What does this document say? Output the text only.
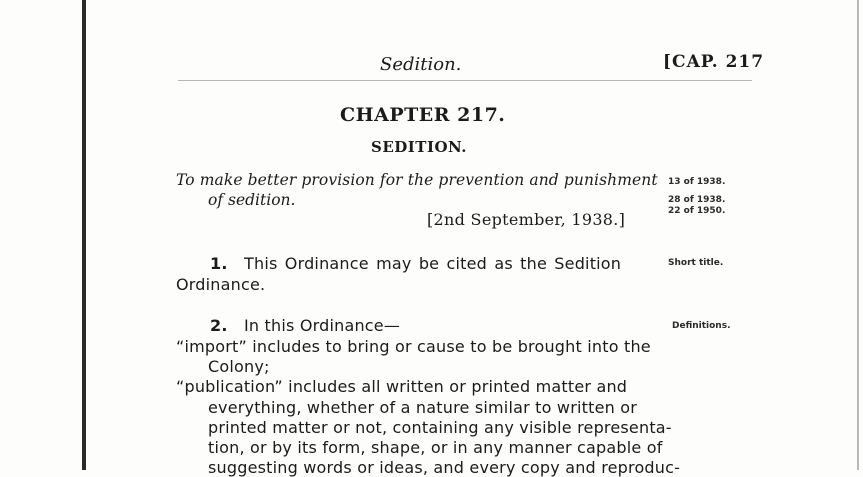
Sedition.	[CAP. 217
CHAPTER 217.
SEDITION.
To make better provision for the prevention and punishment
of sedition.
[2nd September, 1938.]
13 of 1938.
28 of 1938.
22 of 1950.
Short title.
Definitions.
1. This Ordinance may be cited as the Sedition
Ordinance.
2. In this Ordinance—
“import” includes to bring or cause to be brought into the
Colony;
“publication” includes all written or printed matter and
everything, whether of a nature similar to written or
printed matter or not, containing any visible representa-
tion, or by its form, shape, or in any manner capable of
suggesting words or ideas, and every copy and reproduc-
